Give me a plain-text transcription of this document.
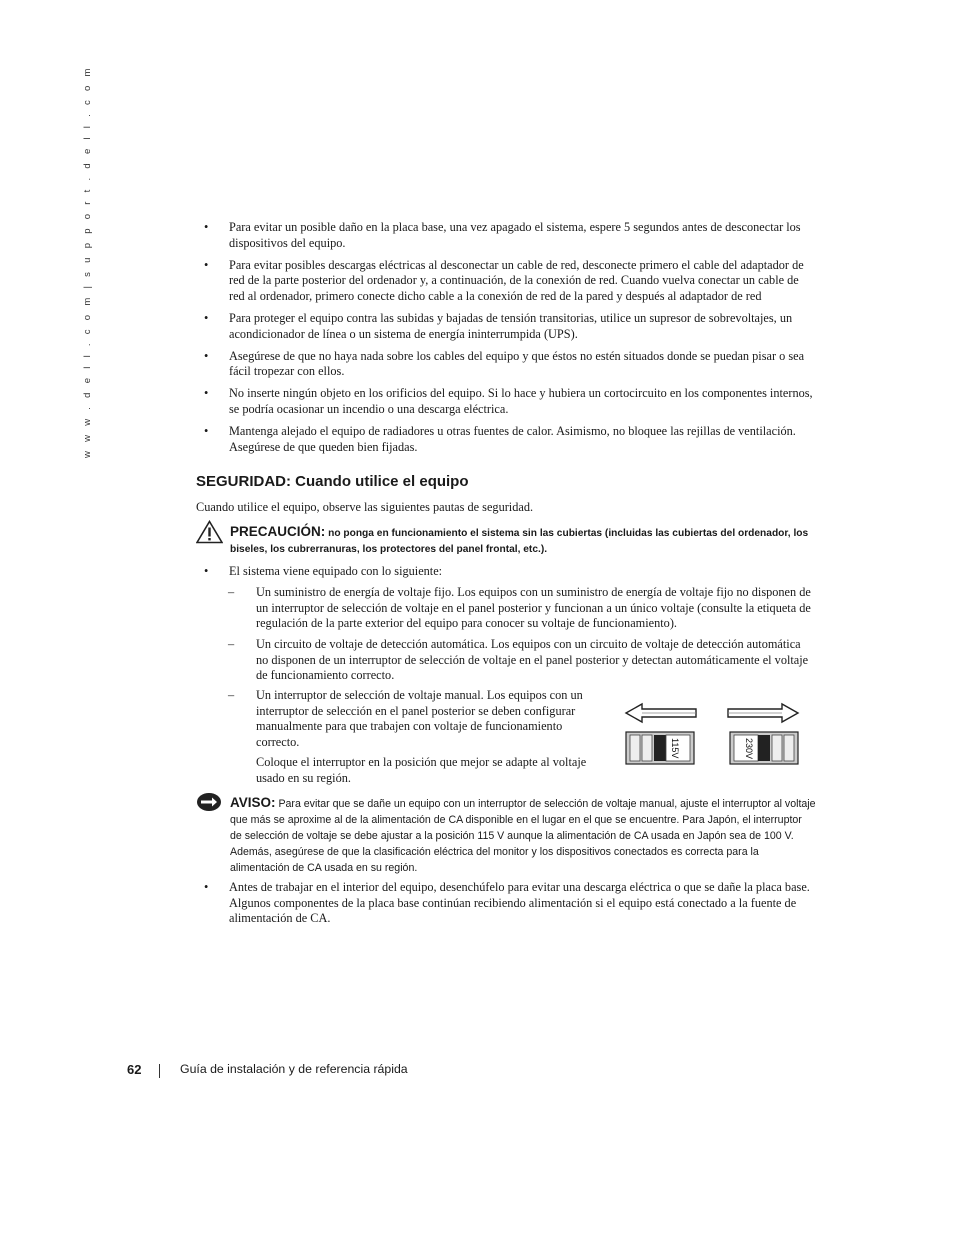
w w w . d e l l . c o m | s u p p o r t . d e l l . c o m	• Para evitar un posible daño en la placa base, una vez apagado el sistema, espere 5 segundos antes de desconectar los dispositivos del equipo.
• Para evitar posibles descargas eléctricas al desconectar un cable de red, desconecte primero el cable del adaptador de red de la parte posterior del ordenador y, a continuación, de la conexión de red. Cuando vuelva conectar un cable de red al ordenador, primero conecte dicho cable a la conexión de red de la pared y después al adaptador de red
• Para proteger el equipo contra las subidas y bajadas de tensión transitorias, utilice un supresor de sobrevoltajes, un acondicionador de línea o un sistema de energía ininterrumpida (UPS).
• Asegúrese de que no haya nada sobre los cables del equipo y que éstos no estén situados donde se puedan pisar o sea fácil tropezar con ellos.
• No inserte ningún objeto en los orificios del equipo. Si lo hace y hubiera un cortocircuito en los componentes internos, se podría ocasionar un incendio o una descarga eléctrica.
• Mantenga alejado el equipo de radiadores u otras fuentes de calor. Asimismo, no bloquee las rejillas de ventilación. Asegúrese de que queden bien fijadas.
SEGURIDAD: Cuando utilice el equipo
Cuando utilice el equipo, observe las siguientes pautas de seguridad.
PRECAUCIÓN: no ponga en funcionamiento el sistema sin las cubiertas (incluidas las cubiertas del ordenador, los biseles, los cubrerranuras, los protectores del panel frontal, etc.).
• El sistema viene equipado con lo siguiente:
– Un suministro de energía de voltaje fijo. Los equipos con un suministro de energía de voltaje fijo no disponen de un interruptor de selección de voltaje en el panel posterior y funcionan a un único voltaje (consulte la etiqueta de regulación de la parte exterior del equipo para conocer su voltaje de funcionamiento).
– Un circuito de voltaje de detección automática. Los equipos con un circuito de voltaje de detección automática no disponen de un interruptor de selección de voltaje en el panel posterior y detectan automáticamente el voltaje de funcionamiento correcto.
– Un interruptor de selección de voltaje manual. Los equipos con un interruptor de selección en el panel posterior se deben configurar manualmente para que trabajen con voltaje de funcionamiento correcto.
Coloque el interruptor en la posición que mejor se adapte al voltaje usado en su región.
115V	230V
AVISO: Para evitar que se dañe un equipo con un interruptor de selección de voltaje manual, ajuste el interruptor al voltaje que más se aproxime al de la alimentación de CA disponible en el lugar en el que se encuentre. Para Japón, el interruptor de selección de voltaje se debe ajustar a la posición 115 V aunque la alimentación de CA usada en Japón sea de 100 V. Además, asegúrese de que la clasificación eléctrica del monitor y los dispositivos conectados es correcta para la alimentación de CA usada en su región.
• Antes de trabajar en el interior del equipo, desenchúfelo para evitar una descarga eléctrica o que se dañe la placa base. Algunos componentes de la placa base continúan recibiendo alimentación si el equipo está conectado a la fuente de alimentación de CA.
62	Guía de instalación y de referencia rápida
